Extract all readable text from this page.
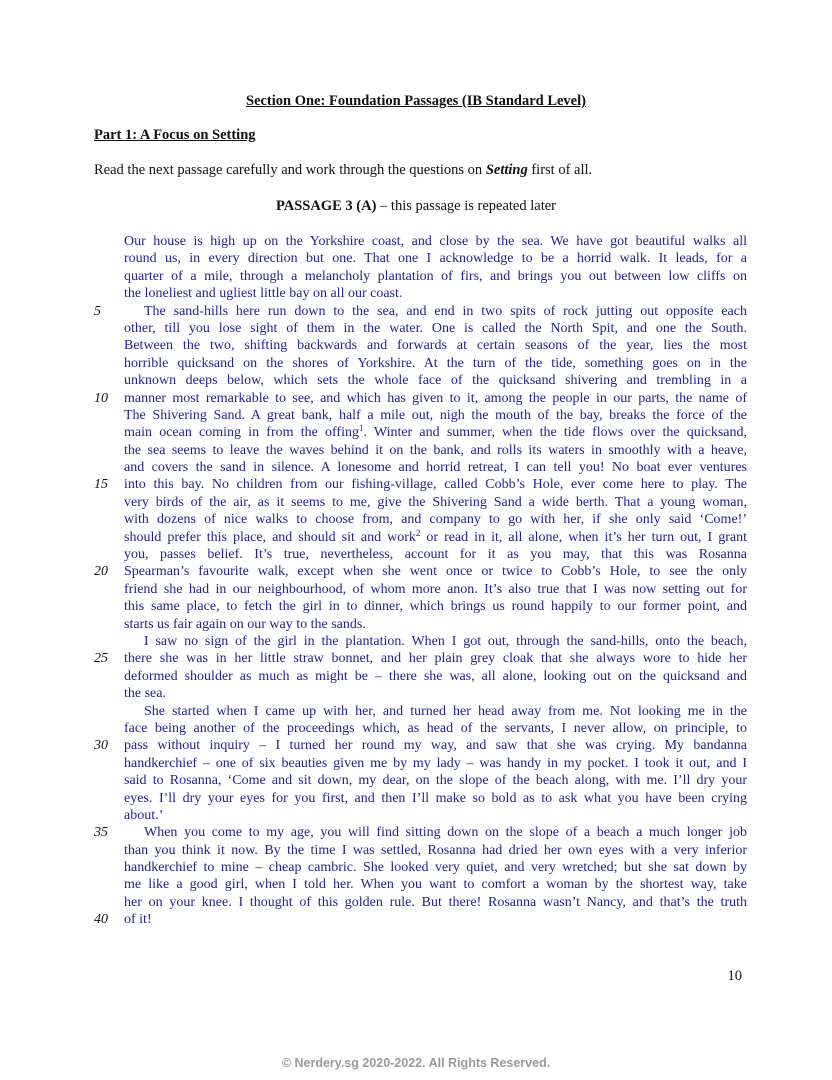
Section One: Foundation Passages (IB Standard Level)
Part 1: A Focus on Setting
Read the next passage carefully and work through the questions on Setting first of all.
PASSAGE 3 (A) – this passage is repeated later
Our house is high up on the Yorkshire coast, and close by the sea. We have got beautiful walks all
round us, in every direction but one. That one I acknowledge to be a horrid walk. It leads, for a
quarter of a mile, through a melancholy plantation of firs, and brings you out between low cliffs on
the loneliest and ugliest little bay on all our coast.
The sand-hills here run down to the sea, and end in two spits of rock jutting out opposite each
5
other, till you lose sight of them in the water. One is called the North Spit, and one the South.
Between the two, shifting backwards and forwards at certain seasons of the year, lies the most
horrible quicksand on the shores of Yorkshire. At the turn of the tide, something goes on in the
unknown deeps below, which sets the whole face of the quicksand shivering and trembling in a
manner most remarkable to see, and which has given to it, among the people in our parts, the name of
10
The Shivering Sand. A great bank, half a mile out, nigh the mouth of the bay, breaks the force of the
main ocean coming in from the offing$^1$. Winter and summer, when the tide flows over the quicksand,
the sea seems to leave the waves behind it on the bank, and rolls its waters in smoothly with a heave,
and covers the sand in silence. A lonesome and horrid retreat, I can tell you! No boat ever ventures
into this bay. No children from our fishing-village, called Cobb’s Hole, ever come here to play. The
15
very birds of the air, as it seems to me, give the Shivering Sand a wide berth. That a young woman,
with dozens of nice walks to choose from, and company to go with her, if she only said ‘Come!’
should prefer this place, and should sit and work$^2$ or read in it, all alone, when it’s her turn out, I grant
you, passes belief. It’s true, nevertheless, account for it as you may, that this was Rosanna
Spearman’s favourite walk, except when she went once or twice to Cobb’s Hole, to see the only
20
friend she had in our neighbourhood, of whom more anon. It’s also true that I was now setting out for
this same place, to fetch the girl in to dinner, which brings us round happily to our former point, and
starts us fair again on our way to the sands.
I saw no sign of the girl in the plantation. When I got out, through the sand-hills, onto the beach,
there she was in her little straw bonnet, and her plain grey cloak that she always wore to hide her
25
deformed shoulder as much as might be – there she was, all alone, looking out on the quicksand and
the sea.
She started when I came up with her, and turned her head away from me. Not looking me in the
face being another of the proceedings which, as head of the servants, I never allow, on principle, to
pass without inquiry – I turned her round my way, and saw that she was crying. My bandanna
30
handkerchief – one of six beauties given me by my lady – was handy in my pocket. I took it out, and I
said to Rosanna, ‘Come and sit down, my dear, on the slope of the beach along, with me. I’ll dry your
eyes. I’ll dry your eyes for you first, and then I’ll make so bold as to ask what you have been crying
about.’
When you come to my age, you will find sitting down on the slope of a beach a much longer job
35
than you think it now. By the time I was settled, Rosanna had dried her own eyes with a very inferior
handkerchief to mine – cheap cambric. She looked very quiet, and very wretched; but she sat down by
me like a good girl, when I told her. When you want to comfort a woman by the shortest way, take
her on your knee. I thought of this golden rule. But there! Rosanna wasn’t Nancy, and that’s the truth
of it!
40
10
© Nerdery.sg 2020-2022. All Rights Reserved.
